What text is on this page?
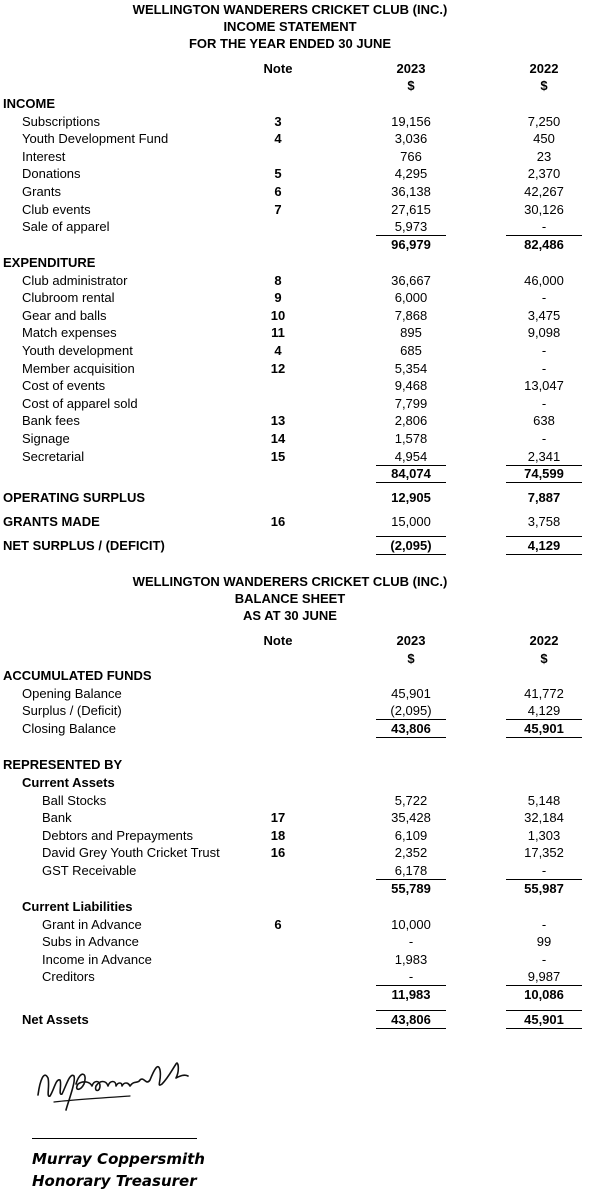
WELLINGTON WANDERERS CRICKET CLUB (INC.)
INCOME STATEMENT
FOR THE YEAR ENDED 30 JUNE
Note	2023	2022
$	$
INCOME
Subscriptions	3	19,156	7,250
Youth Development Fund	4	3,036	450
Interest	766	23
Donations	5	4,295	2,370
Grants	6	36,138	42,267
Club events	7	27,615	30,126
Sale of apparel	5,973	-
96,979	82,486
EXPENDITURE
Club administrator	8	36,667	46,000
Clubroom rental	9	6,000	-
Gear and balls	10	7,868	3,475
Match expenses	11	895	9,098
Youth development	4	685	-
Member acquisition	12	5,354	-
Cost of events	9,468	13,047
Cost of apparel sold	7,799	-
Bank fees	13	2,806	638
Signage	14	1,578	-
Secretarial	15	4,954	2,341
84,074	74,599
OPERATING SURPLUS	12,905	7,887
GRANTS MADE	16	15,000	3,758
NET SURPLUS / (DEFICIT)	(2,095)	4,129
WELLINGTON WANDERERS CRICKET CLUB (INC.)
BALANCE SHEET
AS AT 30 JUNE
Note	2023	2022
$	$
ACCUMULATED FUNDS
Opening Balance	45,901	41,772
Surplus / (Deficit)	(2,095)	4,129
Closing Balance	43,806	45,901
REPRESENTED BY
Current Assets
Ball Stocks	5,722	5,148
Bank	17	35,428	32,184
Debtors and Prepayments	18	6,109	1,303
David Grey Youth Cricket Trust	16	2,352	17,352
GST Receivable	6,178	-
55,789	55,987
Current Liabilities
Grant in Advance	6	10,000	-
Subs in Advance	-	99
Income in Advance	1,983	-
Creditors	-	9,987
11,983	10,086
Net Assets	43,806	45,901
Murray Coppersmith
Honorary Treasurer
